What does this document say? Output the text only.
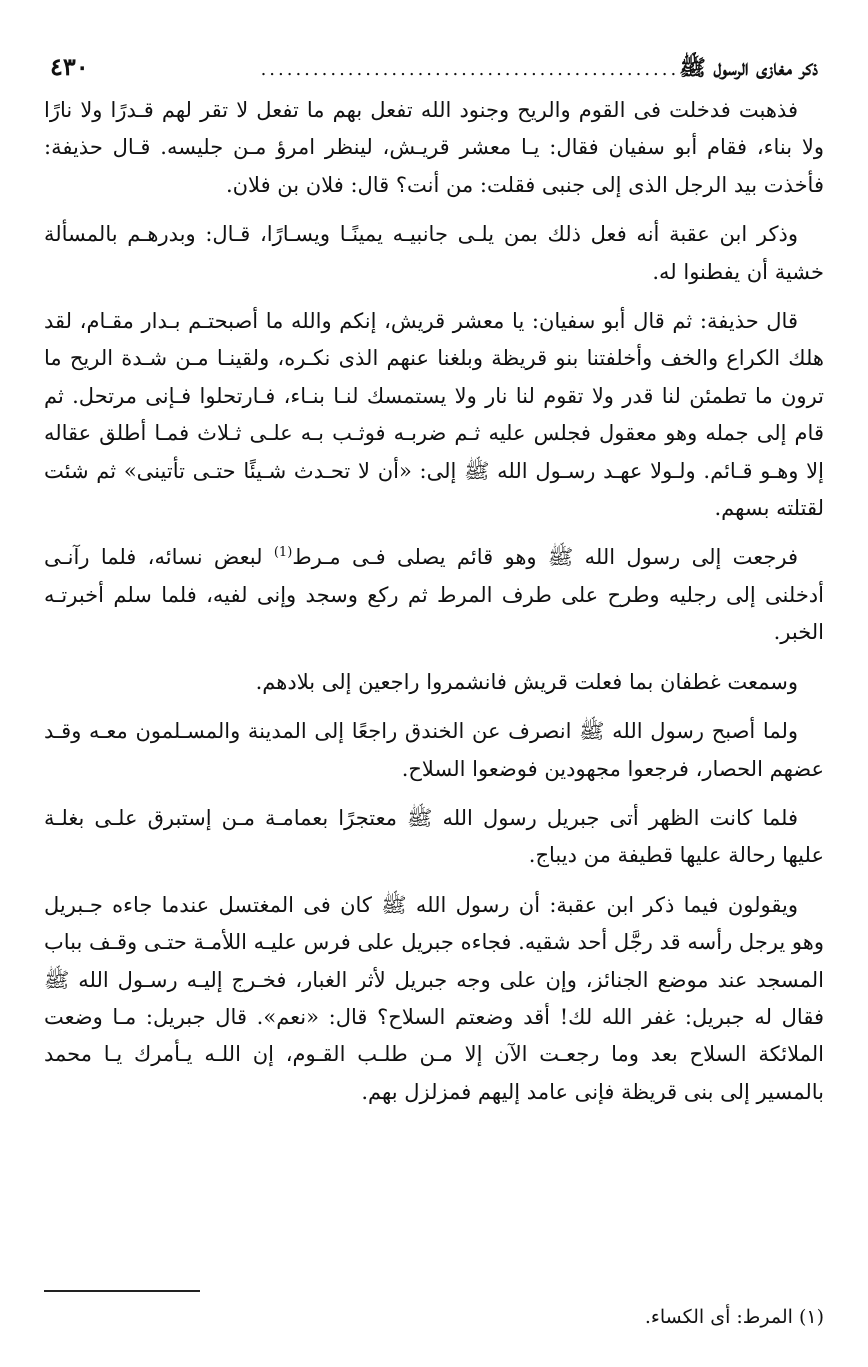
ذكر مغازى الرسول ﷺ
................................................
٤٣٠

فذهبت فدخلت فى القوم والريح وجنود الله تفعل بهم ما تفعل لا تقر لهم قـدرًا ولا نارًا ولا بناء، فقام أبو سفيان فقال: يـا معشر قريـش، لينظر امرؤ مـن جليسه. قـال حذيفة: فأخذت بيد الرجل الذى إلى جنبى فقلت: من أنت؟ قال: فلان بن فلان.

وذكر ابن عقبة أنه فعل ذلك بمن يلـى جانبيـه يمينًـا ويسـارًا، قـال: وبدرهـم بالمسألة خشية أن يفطنوا له.

قال حذيفة: ثم قال أبو سفيان: يا معشر قريش، إنكم والله ما أصبحتـم بـدار مقـام، لقد هلك الكراع والخف وأخلفتنا بنو قريظة وبلغنا عنهم الذى نكـره، ولقينـا مـن شـدة الريح ما ترون ما تطمئن لنا قدر ولا تقوم لنا نار ولا يستمسك لنـا بنـاء، فـارتحلوا فـإنى مرتحل. ثم قام إلى جمله وهو معقول فجلس عليه ثـم ضربـه فوثـب بـه علـى ثـلاث فمـا أطلق عقاله إلا وهـو قـائم. ولـولا عهـد رسـول الله ﷺ إلى: «أن لا تحـدث شـيئًا حتـى تأتينى» ثم شئت لقتلته بسهم.

فرجعت إلى رسول الله ﷺ وهو قائم يصلى فـى مـرط$^{(1)}$ لبعض نسائه، فلما رآنـى أدخلنى إلى رجليه وطرح على طرف المرط ثم ركع وسجد وإنى لفيه، فلما سلم أخبرتـه الخبر.

وسمعت غطفان بما فعلت قريش فانشمروا راجعين إلى بلادهم.

ولما أصبح رسول الله ﷺ انصرف عن الخندق راجعًا إلى المدينة والمسـلمون معـه وقـد عضهم الحصار، فرجعوا مجهودين فوضعوا السلاح.

فلما كانت الظهر أتى جبريل رسول الله ﷺ معتجرًا بعمامـة مـن إستبرق علـى بغلـة عليها رحالة عليها قطيفة من ديباج.

ويقولون فيما ذكر ابن عقبة: أن رسول الله ﷺ كان فى المغتسل عندما جاءه جـبريل وهو يرجل رأسه قد رجَّل أحد شقيه. فجاءه جبريل على فرس عليـه اللأمـة حتـى وقـف بباب المسجد عند موضع الجنائز، وإن على وجه جبريل لأثر الغبار، فخـرج إليـه رسـول الله ﷺ فقال له جبريل: غفر الله لك! أقد وضعتم السلاح؟ قال: «نعم». قال جبريل: مـا وضعت الملائكة السلاح بعد وما رجعـت الآن إلا مـن طلـب القـوم، إن اللـه يـأمرك يـا محمد بالمسير إلى بنى قريظة فإنى عامد إليهم فمزلزل بهم.

(١) المرط: أى الكساء.
